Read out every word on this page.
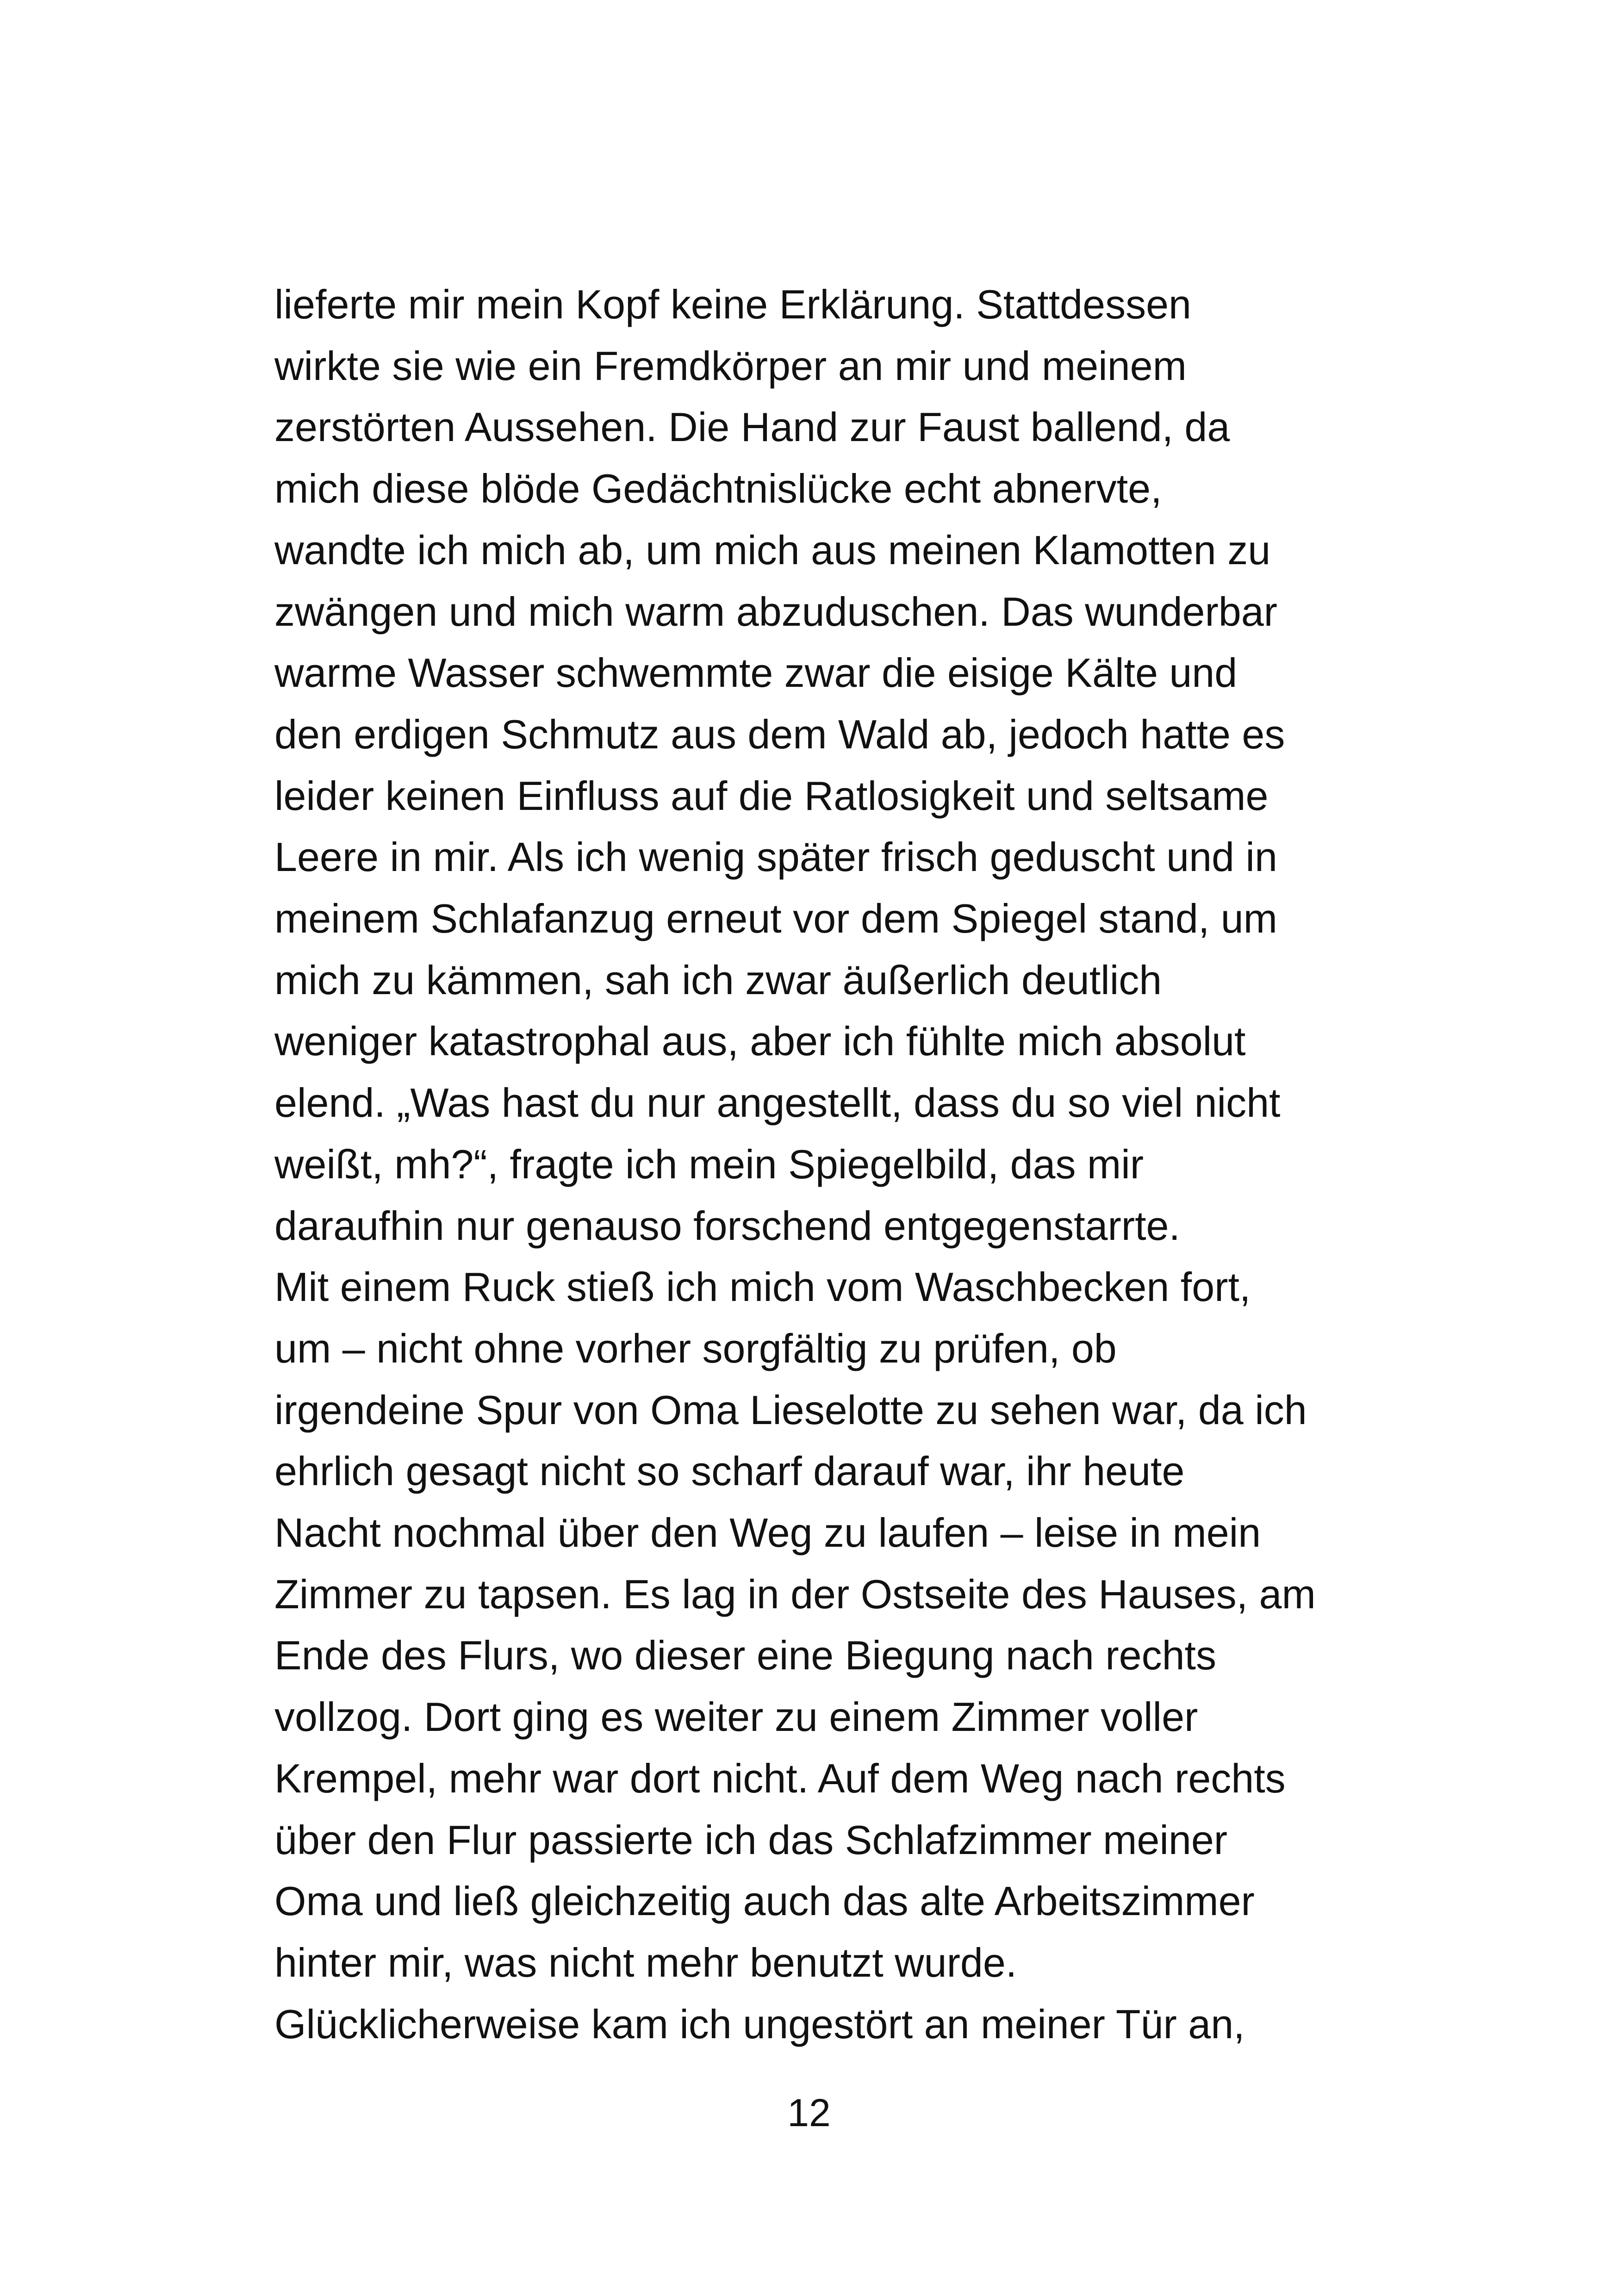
lieferte mir mein Kopf keine Erklärung. Stattdessen
wirkte sie wie ein Fremdkörper an mir und meinem
zerstörten Aussehen. Die Hand zur Faust ballend, da
mich diese blöde Gedächtnislücke echt abnervte,
wandte ich mich ab, um mich aus meinen Klamotten zu
zwängen und mich warm abzuduschen. Das wunderbar
warme Wasser schwemmte zwar die eisige Kälte und
den erdigen Schmutz aus dem Wald ab, jedoch hatte es
leider keinen Einfluss auf die Ratlosigkeit und seltsame
Leere in mir. Als ich wenig später frisch geduscht und in
meinem Schlafanzug erneut vor dem Spiegel stand, um
mich zu kämmen, sah ich zwar äußerlich deutlich
weniger katastrophal aus, aber ich fühlte mich absolut
elend. „Was hast du nur angestellt, dass du so viel nicht
weißt, mh?“, fragte ich mein Spiegelbild, das mir
daraufhin nur genauso forschend entgegenstarrte.
Mit einem Ruck stieß ich mich vom Waschbecken fort,
um – nicht ohne vorher sorgfältig zu prüfen, ob
irgendeine Spur von Oma Lieselotte zu sehen war, da ich
ehrlich gesagt nicht so scharf darauf war, ihr heute
Nacht nochmal über den Weg zu laufen – leise in mein
Zimmer zu tapsen. Es lag in der Ostseite des Hauses, am
Ende des Flurs, wo dieser eine Biegung nach rechts
vollzog. Dort ging es weiter zu einem Zimmer voller
Krempel, mehr war dort nicht. Auf dem Weg nach rechts
über den Flur passierte ich das Schlafzimmer meiner
Oma und ließ gleichzeitig auch das alte Arbeitszimmer
hinter mir, was nicht mehr benutzt wurde.
Glücklicherweise kam ich ungestört an meiner Tür an,
12
